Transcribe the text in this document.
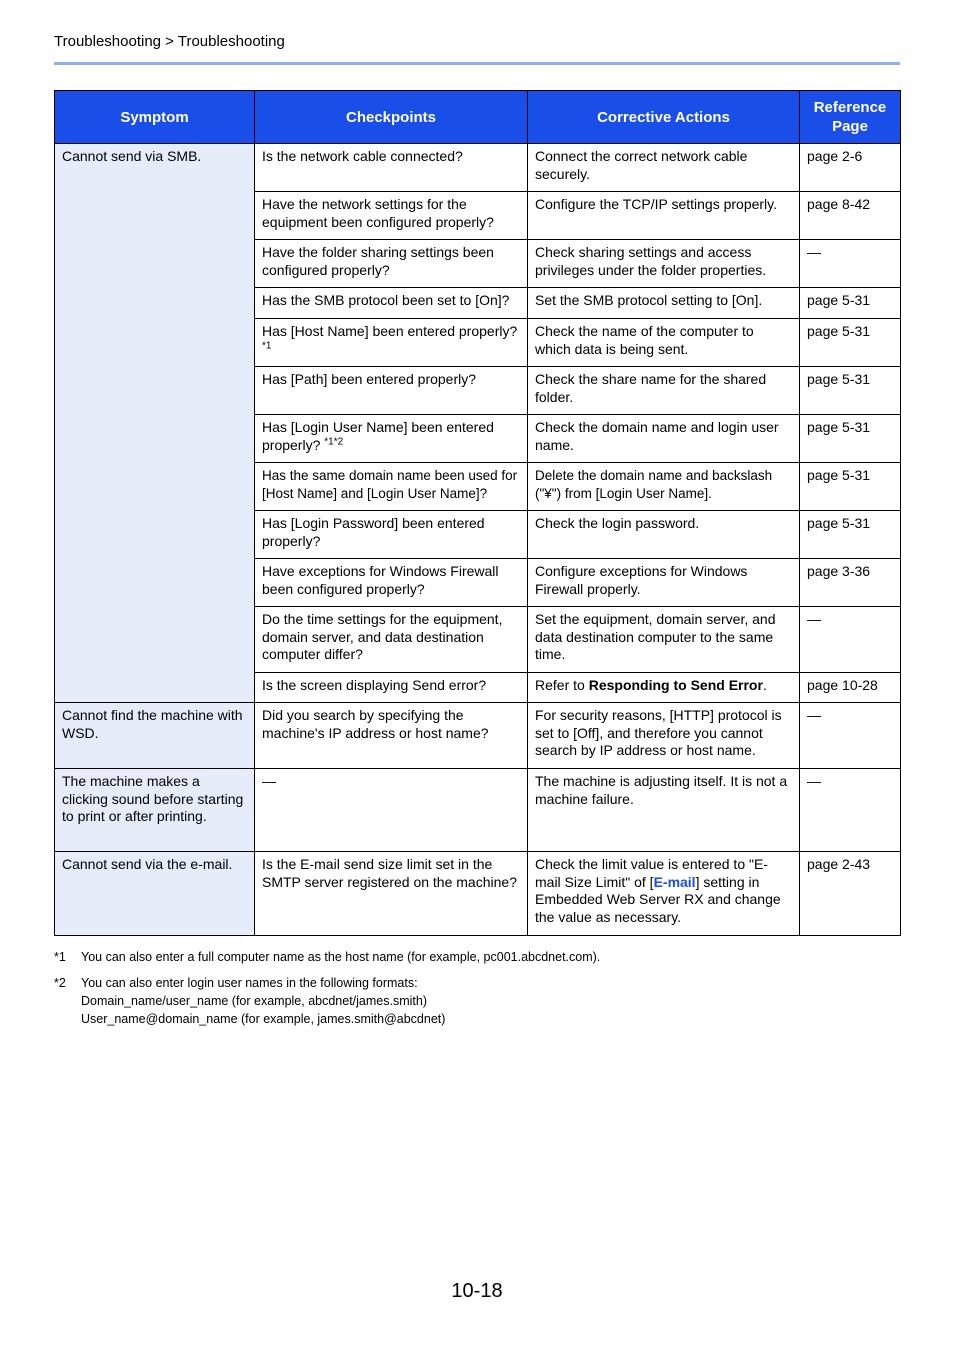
Troubleshooting > Troubleshooting
Symptom	Checkpoints	Corrective Actions	Reference
Page
Cannot send via SMB.	Is the network cable connected?	Connect the correct network cable securely.	page 2-6
	Have the network settings for the equipment been configured properly?	Configure the TCP/IP settings properly.	page 8-42
	Have the folder sharing settings been configured properly?	Check sharing settings and access privileges under the folder properties.	—
	Has the SMB protocol been set to [On]?	Set the SMB protocol setting to [On].	page 5-31
	Has [Host Name] been entered properly? $^{*1}$	Check the name of the computer to which data is being sent.	page 5-31
	Has [Path] been entered properly?	Check the share name for the shared folder.	page 5-31
	Has [Login User Name] been entered properly? $^{*1*2}$	Check the domain name and login user name.	page 5-31
	Has the same domain name been used for [Host Name] and [Login User Name]?	Delete the domain name and backslash ("¥") from [Login User Name].	page 5-31
	Has [Login Password] been entered properly?	Check the login password.	page 5-31
	Have exceptions for Windows Firewall been configured properly?	Configure exceptions for Windows Firewall properly.	page 3-36
	Do the time settings for the equipment, domain server, and data destination computer differ?	Set the equipment, domain server, and data destination computer to the same time.	—
	Is the screen displaying Send error?	Refer to Responding to Send Error.	page 10-28
Cannot find the machine with WSD.	Did you search by specifying the machine's IP address or host name?	For security reasons, [HTTP] protocol is set to [Off], and therefore you cannot search by IP address or host name.	—
The machine makes a clicking sound before starting to print or after printing.	—	The machine is adjusting itself. It is not a machine failure.	—
Cannot send via the e-mail.	Is the E-mail send size limit set in the SMTP server registered on the machine?	Check the limit value is entered to "E-mail Size Limit" of [E-mail] setting in Embedded Web Server RX and change the value as necessary.	page 2-43
*1	You can also enter a full computer name as the host name (for example, pc001.abcdnet.com).
*2	You can also enter login user names in the following formats:
Domain_name/user_name (for example, abcdnet/james.smith)
User_name@domain_name (for example, james.smith@abcdnet)
10-18
